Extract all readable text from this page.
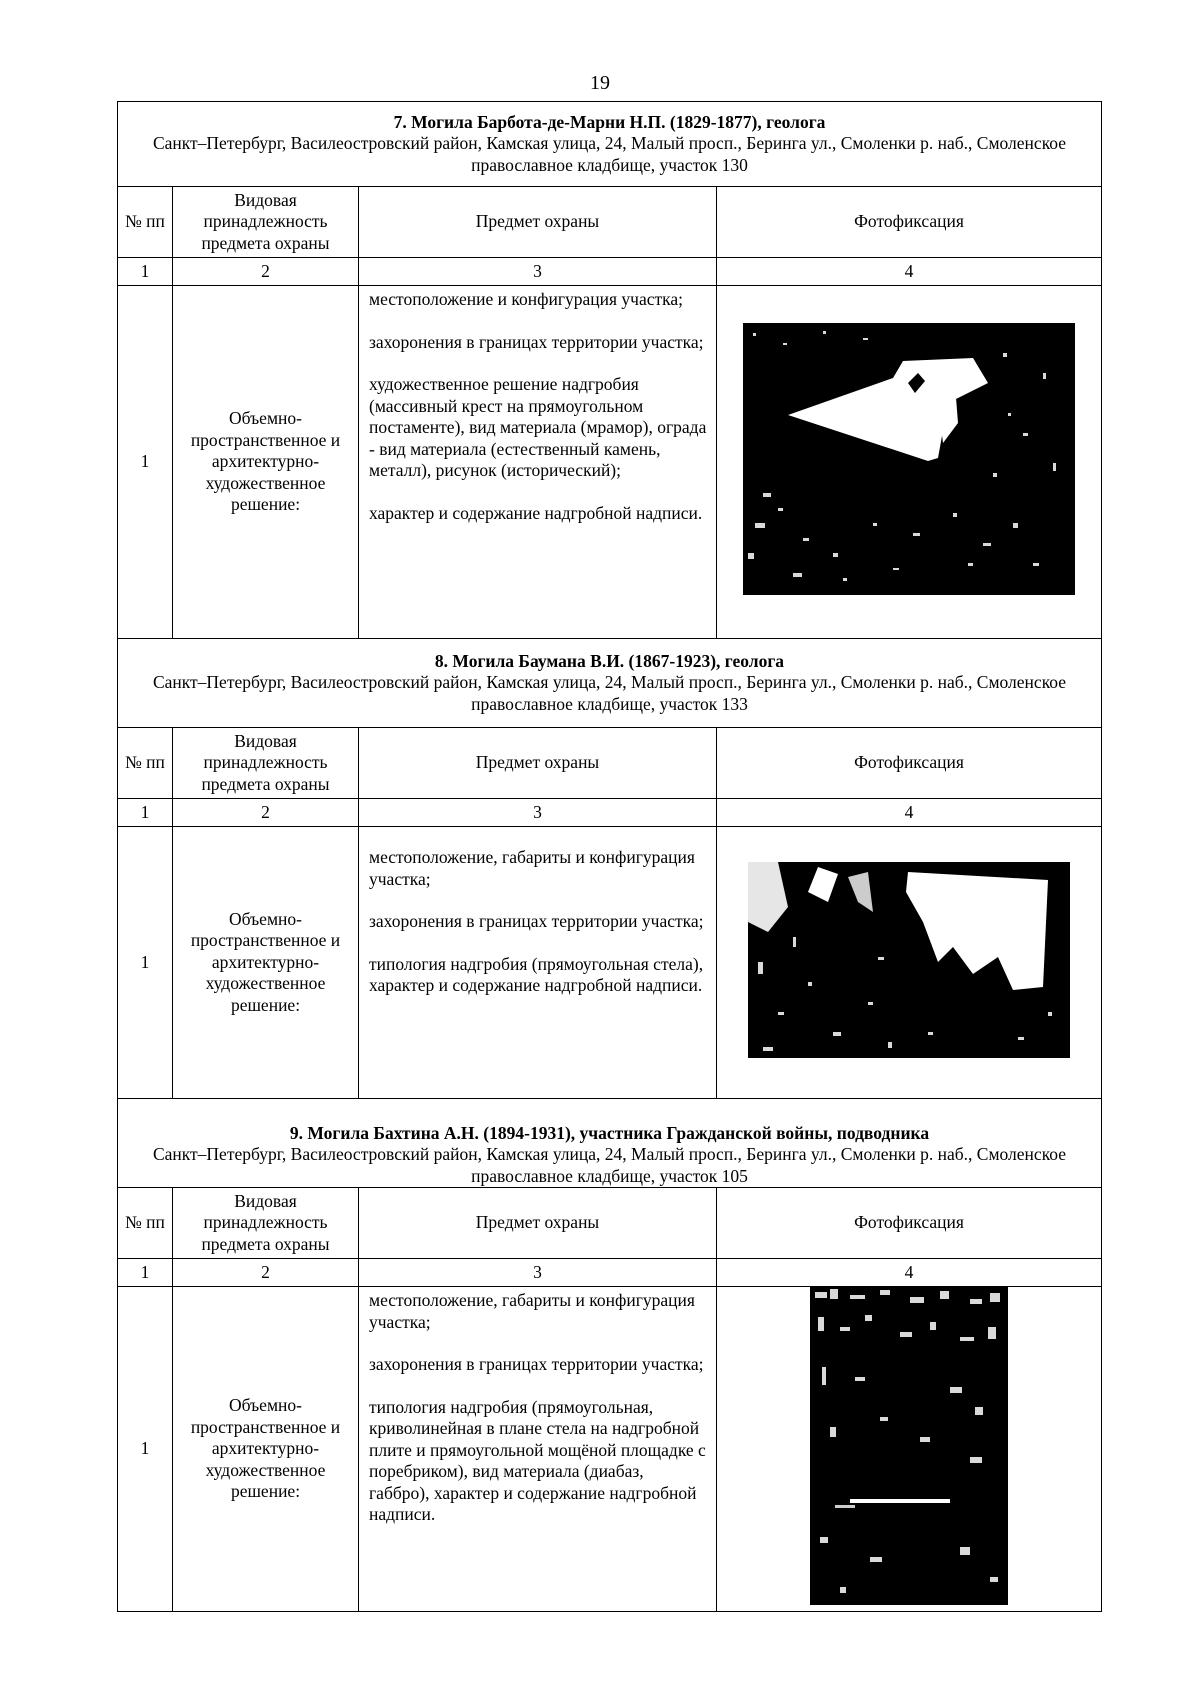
19
7. Могила Барбота-де-Марни Н.П. (1829-1877), геолога
Санкт–Петербург, Василеостровский район, Камская улица, 24, Малый просп., Беринга ул., Смоленки р. наб., Смоленское православное кладбище, участок 130			

№ пп	Видовая принадлежность предмета охраны	Предмет охраны	Фотофиксация
1	2	3	4
1	Объемно-пространственное и архитектурно-художественное решение:	местоположение и конфигурация участка;

захоронения в границах территории участка;

художественное решение надгробия (массивный крест на прямоугольном постаменте), вид материала (мрамор), ограда - вид материала (естественный камень, металл), рисунок (исторический);

характер и содержание надгробной надписи.

8. Могила Баумана В.И. (1867-1923), геолога
Санкт–Петербург, Василеостровский район, Камская улица, 24, Малый просп., Беринга ул., Смоленки р. наб., Смоленское православное кладбище, участок 133			

№ пп	Видовая принадлежность предмета охраны	Предмет охраны	Фотофиксация
1	2	3	4
1	Объемно-пространственное и архитектурно-художественное решение:	местоположение, габариты и конфигурация участка;

захоронения в границах территории участка;

типология надгробия (прямоугольная стела), характер и содержание надгробной надписи.

9. Могила Бахтина А.Н. (1894-1931), участника Гражданской войны, подводника
Санкт–Петербург, Василеостровский район, Камская улица, 24, Малый просп., Беринга ул., Смоленки р. наб., Смоленское православное кладбище, участок 105			

№ пп	Видовая принадлежность предмета охраны	Предмет охраны	Фотофиксация
1	2	3	4
1	Объемно-пространственное и архитектурно-художественное решение:	местоположение, габариты и конфигурация участка;

захоронения в границах территории участка;

типология надгробия (прямоугольная, криволинейная в плане стела на надгробной плите и прямоугольной мощёной площадке с поребриком), вид материала (диабаз, габбро), характер и содержание надгробной надписи.
